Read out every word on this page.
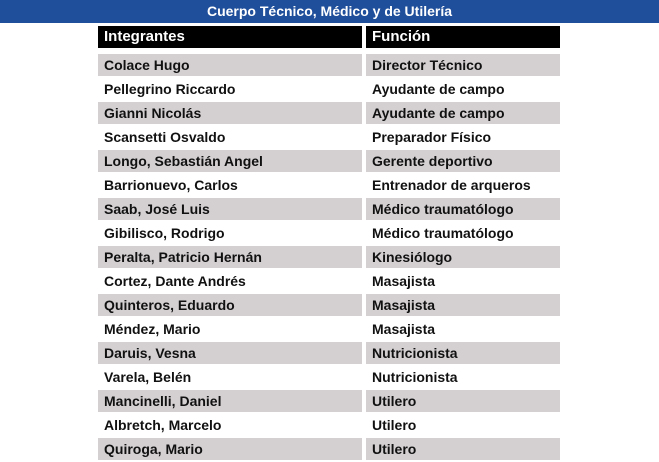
Cuerpo Técnico, Médico y de Utilería
Integrantes	Función
Colace Hugo	Director Técnico
Pellegrino Riccardo	Ayudante de campo
Gianni Nicolás	Ayudante de campo
Scansetti Osvaldo	Preparador Físico
Longo, Sebastián Angel	Gerente deportivo
Barrionuevo, Carlos	Entrenador de arqueros
Saab, José Luis	Médico traumatólogo
Gibilisco, Rodrigo	Médico traumatólogo
Peralta, Patricio Hernán	Kinesiólogo
Cortez, Dante Andrés	Masajista
Quinteros, Eduardo	Masajista
Méndez, Mario	Masajista
Daruis, Vesna	Nutricionista
Varela, Belén	Nutricionista
Mancinelli, Daniel	Utilero
Albretch, Marcelo	Utilero
Quiroga, Mario	Utilero
